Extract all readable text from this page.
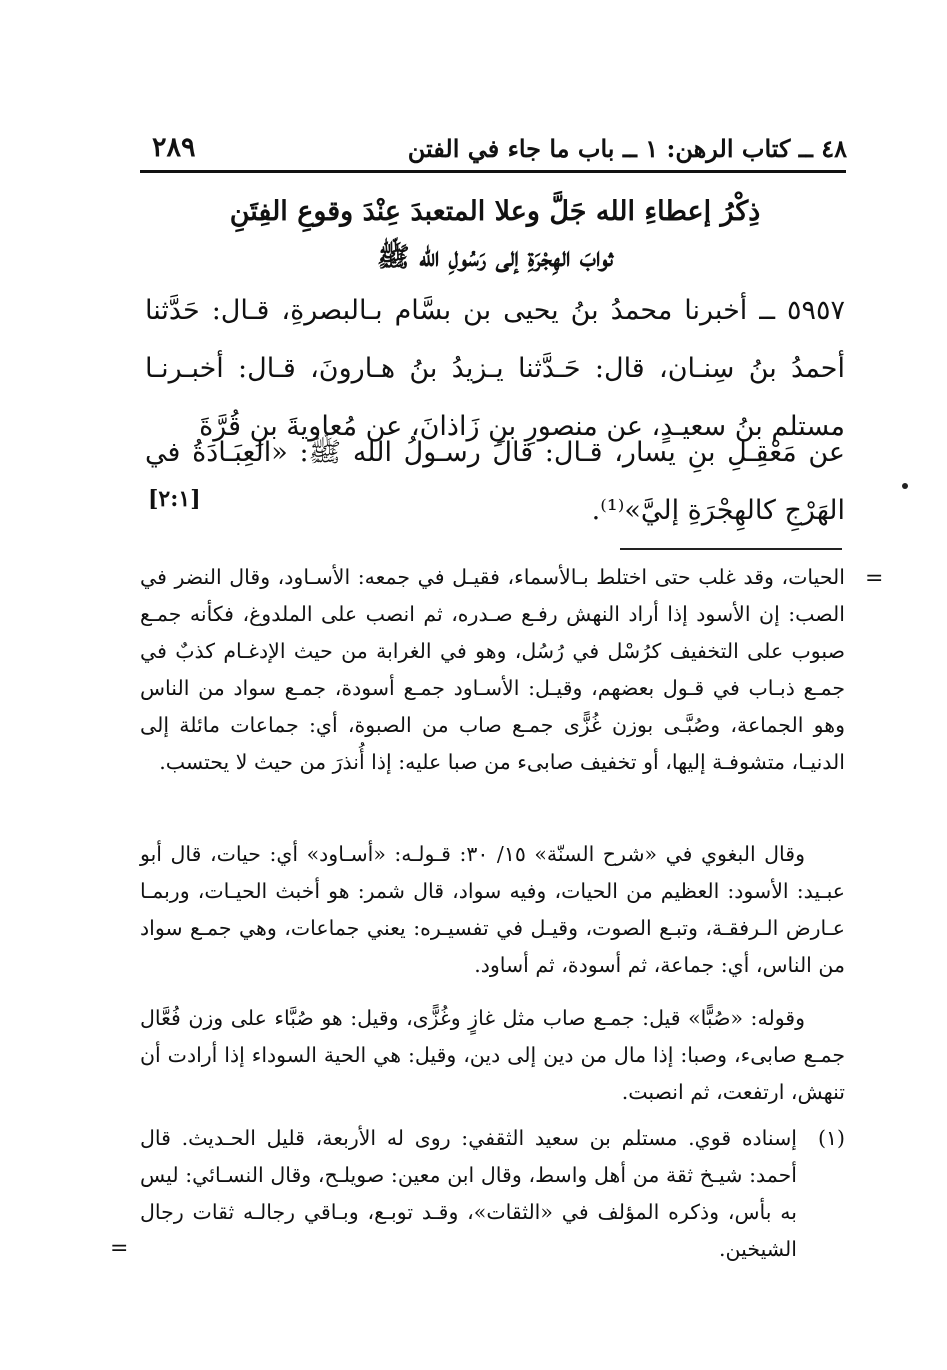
٤٨ ــ كتاب الرهن: ١ ــ باب ما جاء في الفتن
٢٨٩
ذِكْرُ إعطاءِ الله جَلَّ وعلا المتعبدَ عِنْدَ وقوعِ الفِتَنِ
ثوابَ الهِجْرَةِ إلى رَسُولِ الله ﷺ
٥٩٥٧ ــ أخبرنا محمدُ بنُ يحيى بن بسَّام بـالبصرةِ، قـال: حَدَّثنا أحمدُ بنُ سِنـان، قال: حَـدَّثنا يـزيدُ بنُ هـارونَ، قـال: أخبـرنـا مستلم بنُ سعيـدٍ، عن منصورِ بنِ زَاذانَ، عن مُعاويةَ بنِ قُرَّةَ
عن مَعْقِـلِ بنِ يسار، قـال: قالَ رسـولُ الله ﷺ: «العِبَـادَةُ في الهَرْجِ كالهِجْرَةِ إليَّ»⁽¹⁾.
[٢:١]
=
الحيات، وقد غلب حتى اختلط بـالأسماء، فقيـل في جمعه: الأسـاود، وقال النضر في الصب: إن الأسود إذا أراد النهش رفـع صـدره، ثم انصب على الملدوغ، فكأنه جمـع صبوب على التخفيف كرُسْل في رُسُل، وهو في الغرابة من حيث الإدغـام كذبٌ في جمـع ذبـاب في قـول بعضهم، وقيـل: الأسـاود جمـع أسودة، جمـع سواد من الناس وهو الجماعة، وصُبَّـى بوزن غُزًّى جمـع صاب من الصبوة، أي: جماعات مائلة إلى الدنيـا، متشوفـة إليها، أو تخفيف صابىء من صبا عليه: إذا أُنذرَ من حيث لا يحتسب.
وقال البغوي في «شرح السنّة» ١٥/ ٣٠: قـولـه: «أسـاود» أي: حيات، قال أبو عبـيد: الأسود: العظيم من الحيات، وفيه سواد، قال شمر: هو أخبث الحيـات، وربمـا عـارض الـرفقـة، وتبـع الصوت، وقيـل في تفسيـره: يعني جماعات، وهي جمـع سواد من الناس، أي: جماعة، ثم أسودة، ثم أساود.
وقوله: «صُبًّا» قيل: جمـع صاب مثل غازٍ وغُزًّى، وقيل: هو صُبَّاء على وزن فُعَّال جمـع صابىء، وصبا: إذا مال من دين إلى دين، وقيل: هي الحية السوداء إذا أرادت أن تنهش، ارتفعت، ثم انصبت.
(١)
إسناده قوي. مستلم بن سعيد الثقفي: روى له الأربعة، قليل الحـديث. قال أحمد: شيـخ ثقة من أهل واسط، وقال ابن معين: صويلـح، وقال النسـائي: ليس به بأس، وذكره المؤلف في «الثقات»، وقـد توبـع، وبـاقي رجالـه ثقات رجال الشيخين.
=
